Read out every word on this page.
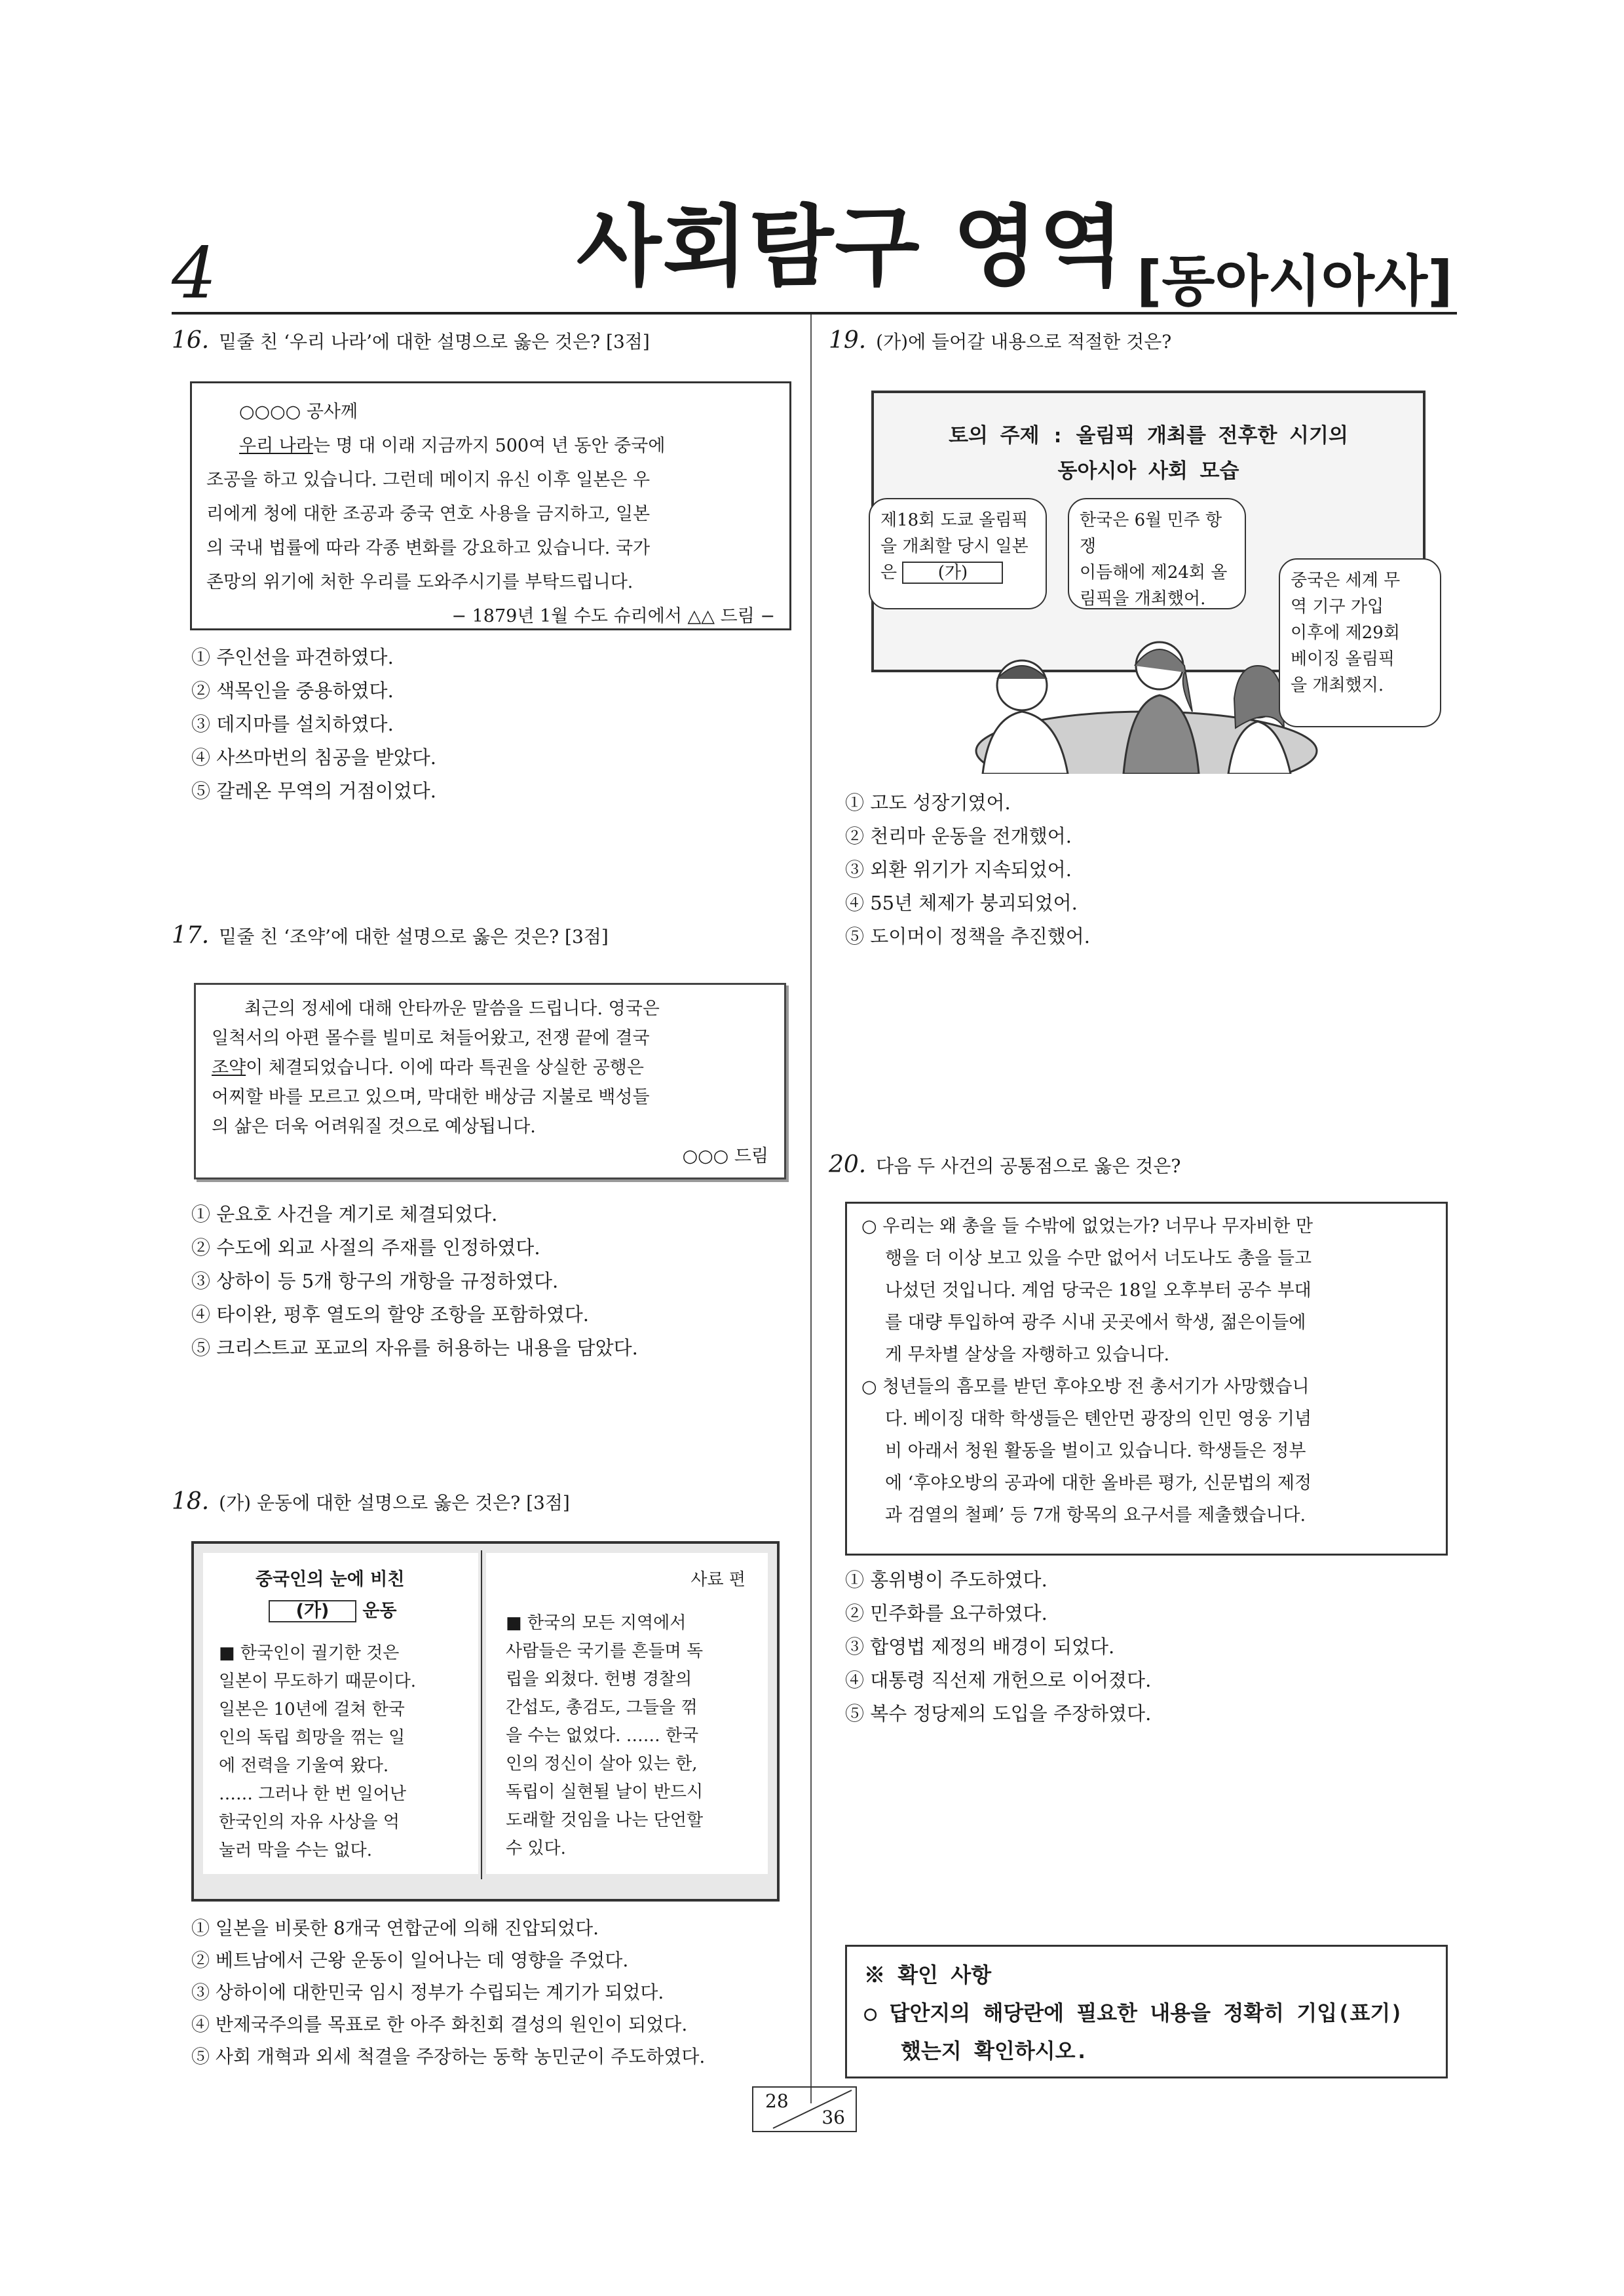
4	사회탐구 영역 [동아시아사]
16. 밑줄 친 ‘우리 나라’에 대한 설명으로 옳은 것은? [3점]
○○○○ 공사께
우리 나라는 명 대 이래 지금까지 500여 년 동안 중국에
조공을 하고 있습니다. 그런데 메이지 유신 이후 일본은 우
리에게 청에 대한 조공과 중국 연호 사용을 금지하고, 일본
의 국내 법률에 따라 각종 변화를 강요하고 있습니다. 국가
존망의 위기에 처한 우리를 도와주시기를 부탁드립니다.
− 1879년 1월 수도 슈리에서 △△ 드림 −
① 주인선을 파견하였다.
② 색목인을 중용하였다.
③ 데지마를 설치하였다.
④ 사쓰마번의 침공을 받았다.
⑤ 갈레온 무역의 거점이었다.
17. 밑줄 친 ‘조약’에 대한 설명으로 옳은 것은? [3점]
최근의 정세에 대해 안타까운 말씀을 드립니다. 영국은
일척서의 아편 몰수를 빌미로 쳐들어왔고, 전쟁 끝에 결국
조약이 체결되었습니다. 이에 따라 특권을 상실한 공행은
어찌할 바를 모르고 있으며, 막대한 배상금 지불로 백성들
의 삶은 더욱 어려워질 것으로 예상됩니다.
○○○ 드림
① 운요호 사건을 계기로 체결되었다.
② 수도에 외교 사절의 주재를 인정하였다.
③ 상하이 등 5개 항구의 개항을 규정하였다.
④ 타이완, 펑후 열도의 할양 조항을 포함하였다.
⑤ 크리스트교 포교의 자유를 허용하는 내용을 담았다.
18. (가) 운동에 대한 설명으로 옳은 것은? [3점]
중국인의 눈에 비친
(가) 운동
■ 한국인이 궐기한 것은
일본이 무도하기 때문이다.
일본은 10년에 걸쳐 한국
인의 독립 희망을 꺾는 일
에 전력을 기울여 왔다.
…… 그러나 한 번 일어난
한국인의 자유 사상을 억
눌러 막을 수는 없다.
사료 편
■ 한국의 모든 지역에서
사람들은 국기를 흔들며 독
립을 외쳤다. 헌병 경찰의
간섭도, 총검도, 그들을 꺾
을 수는 없었다. …… 한국
인의 정신이 살아 있는 한,
독립이 실현될 날이 반드시
도래할 것임을 나는 단언할
수 있다.
① 일본을 비롯한 8개국 연합군에 의해 진압되었다.
② 베트남에서 근왕 운동이 일어나는 데 영향을 주었다.
③ 상하이에 대한민국 임시 정부가 수립되는 계기가 되었다.
④ 반제국주의를 목표로 한 아주 화친회 결성의 원인이 되었다.
⑤ 사회 개혁과 외세 척결을 주장하는 동학 농민군이 주도하였다.
19. (가)에 들어갈 내용으로 적절한 것은?
토의 주제 : 올림픽 개최를 전후한 시기의
동아시아 사회 모습
제18회 도쿄 올림픽
을 개최할 당시 일본
은 (가)
한국은 6월 민주 항쟁
이듬해에 제24회 올
림픽을 개최했어.
중국은 세계 무
역 기구 가입
이후에 제29회
베이징 올림픽
을 개최했지.
① 고도 성장기였어.
② 천리마 운동을 전개했어.
③ 외환 위기가 지속되었어.
④ 55년 체제가 붕괴되었어.
⑤ 도이머이 정책을 추진했어.
20. 다음 두 사건의 공통점으로 옳은 것은?
○ 우리는 왜 총을 들 수밖에 없었는가? 너무나 무자비한 만
행을 더 이상 보고 있을 수만 없어서 너도나도 총을 들고
나섰던 것입니다. 계엄 당국은 18일 오후부터 공수 부대
를 대량 투입하여 광주 시내 곳곳에서 학생, 젊은이들에
게 무차별 살상을 자행하고 있습니다.
○ 청년들의 흠모를 받던 후야오방 전 총서기가 사망했습니
다. 베이징 대학 학생들은 톈안먼 광장의 인민 영웅 기념
비 아래서 청원 활동을 벌이고 있습니다. 학생들은 정부
에 ‘후야오방의 공과에 대한 올바른 평가, 신문법의 제정
과 검열의 철폐’ 등 7개 항목의 요구서를 제출했습니다.
① 홍위병이 주도하였다.
② 민주화를 요구하였다.
③ 합영법 제정의 배경이 되었다.
④ 대통령 직선제 개헌으로 이어졌다.
⑤ 복수 정당제의 도입을 주장하였다.
※ 확인 사항
○ 답안지의 해당란에 필요한 내용을 정확히 기입(표기)
했는지 확인하시오.
28
36
